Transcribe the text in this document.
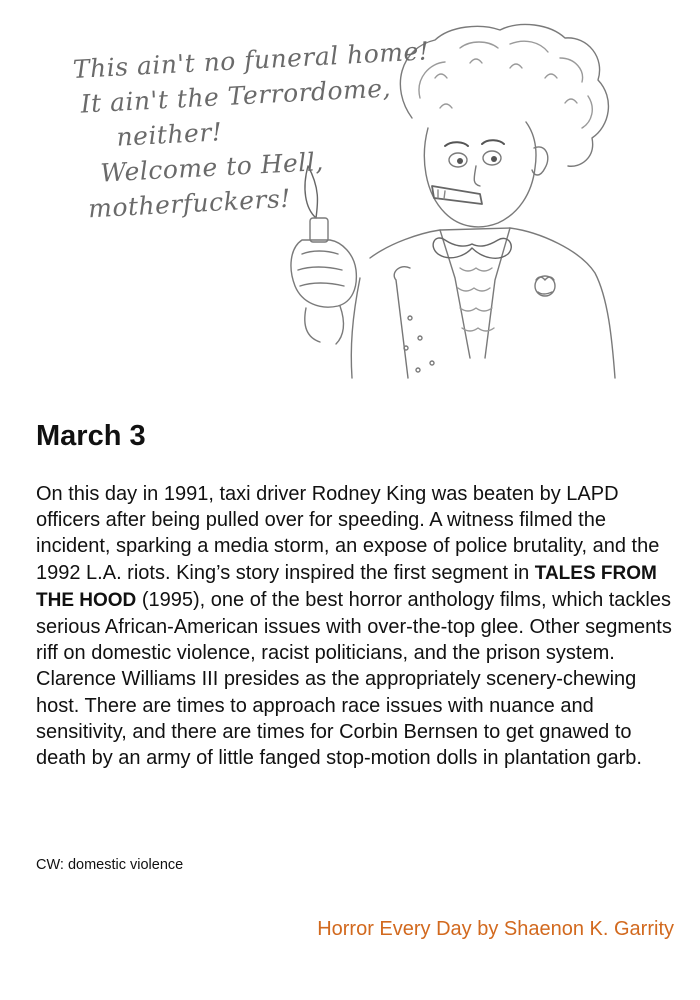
This ain't no funeral home!
It ain't the Terrordome,
neither!
Welcome to Hell,
motherfuckers!
March 3

On this day in 1991, taxi driver Rodney King was beaten by LAPD officers after being pulled over for speeding. A witness filmed the incident, sparking a media storm, an expose of police brutality, and the 1992 L.A. riots. King’s story inspired the first segment in TALES FROM THE HOOD (1995), one of the best horror anthology films, which tackles serious African-American issues with over-the-top glee. Other segments riff on domestic violence, racist politicians, and the prison system. Clarence Williams III presides as the appropriately scenery-chewing host. There are times to approach race issues with nuance and sensitivity, and there are times for Corbin Bernsen to get gnawed to death by an army of little fanged stop-motion dolls in plantation garb.

CW: domestic violence

Horror Every Day by Shaenon K. Garrity
